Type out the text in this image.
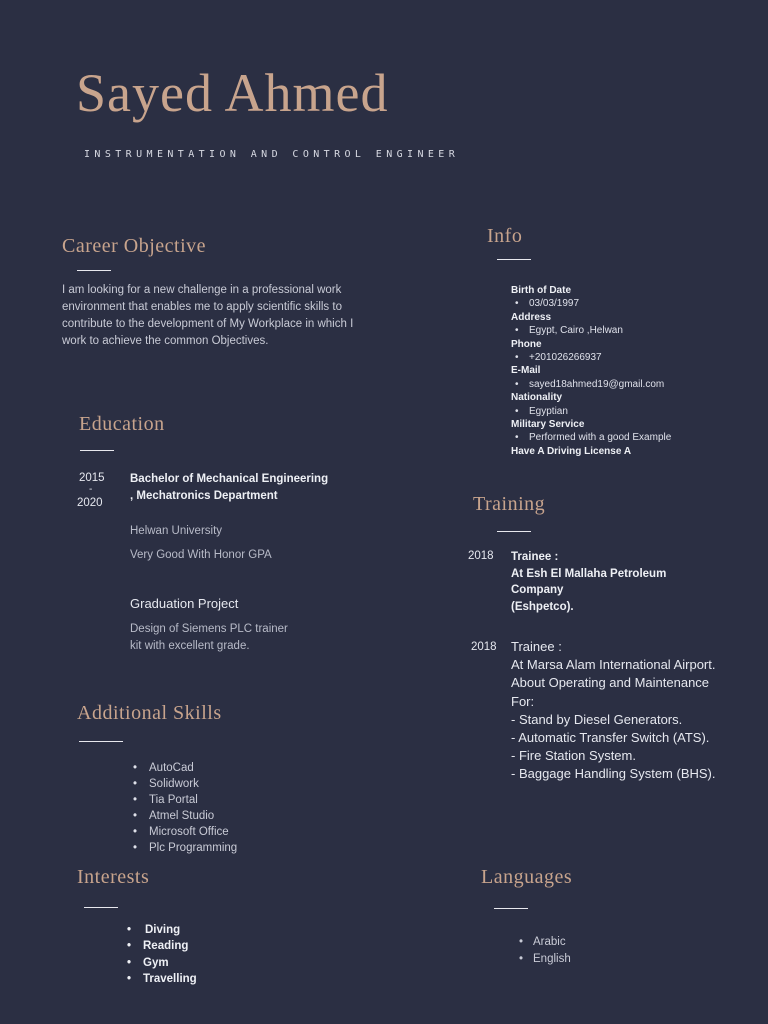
Sayed Ahmed
INSTRUMENTATION AND CONTROL ENGINEER
Career Objective
I am looking for a new challenge in a professional work environment that enables me to apply scientific skills to contribute to the development of My Workplace in which I work to achieve the common Objectives.
Info
Birth of Date
• 03/03/1997
Address
• Egypt, Cairo ,Helwan
Phone
• +201026266937
E-Mail
• sayed18ahmed19@gmail.com
Nationality
• Egyptian
Military Service
• Performed with a good Example
Have A Driving License A
Education
2015
-
2020
Bachelor of Mechanical Engineering , Mechatronics Department
Helwan University
Very Good With Honor GPA
Graduation Project
Design of Siemens PLC trainer kit with excellent grade.
Training
2018 Trainee :
At Esh El Mallaha Petroleum Company
(Eshpetco).
2018 Trainee :
At Marsa Alam International Airport.
About Operating and Maintenance For:
- Stand by Diesel Generators.
- Automatic Transfer Switch (ATS).
- Fire Station System.
- Baggage Handling System (BHS).
Additional Skills
• AutoCad
• Solidwork
• Tia Portal
• Atmel Studio
• Microsoft Office
• Plc Programming
Interests
• Diving
• Reading
• Gym
• Travelling
Languages
• Arabic
• English
